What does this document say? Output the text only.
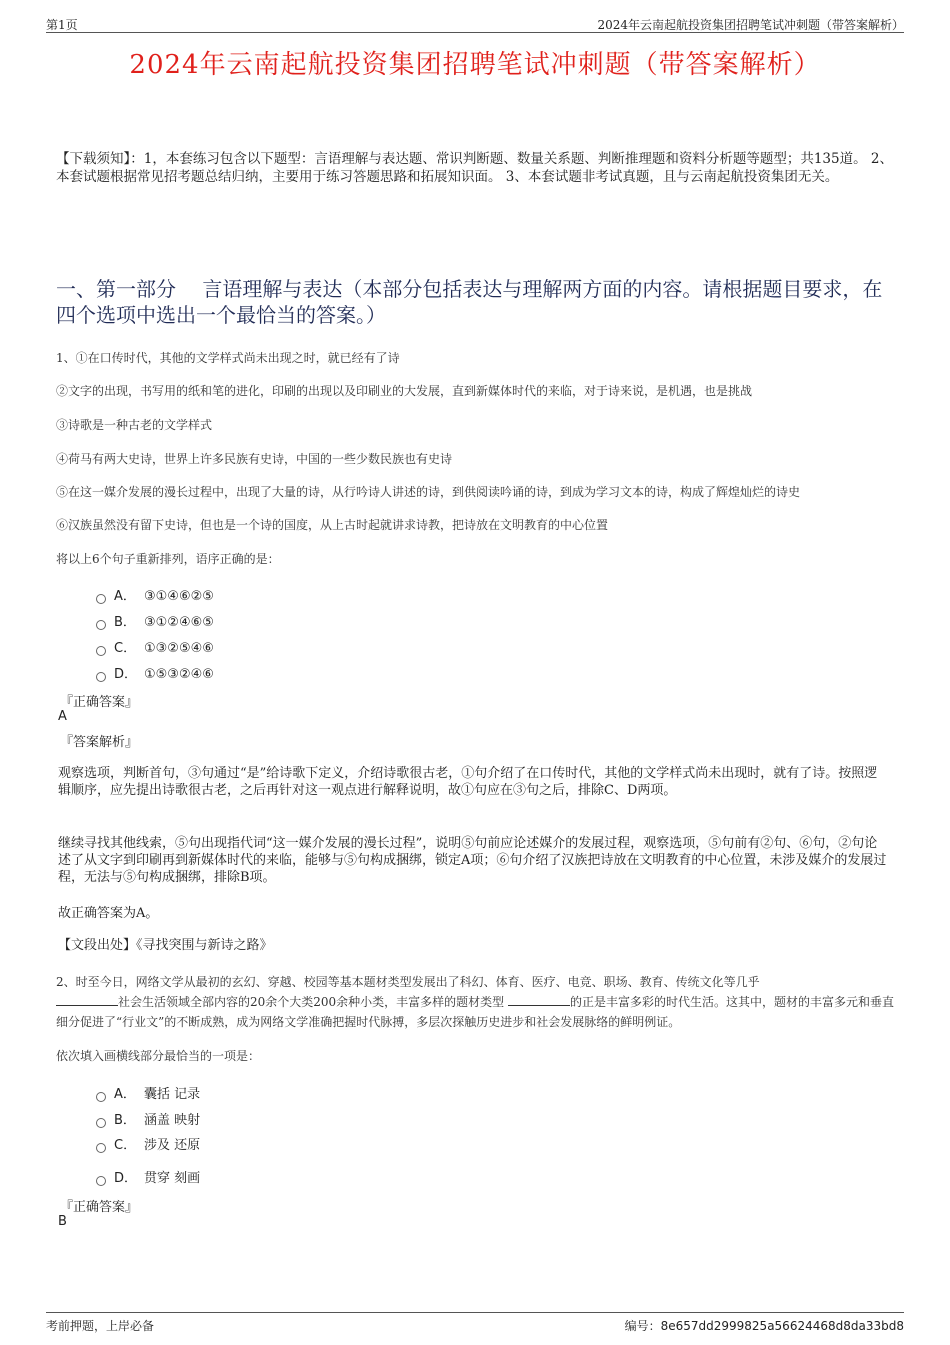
第1页	2024年云南起航投资集团招聘笔试冲刺题（带答案解析）
2024年云南起航投资集团招聘笔试冲刺题（带答案解析）
【下载须知】：1，本套练习包含以下题型：言语理解与表达题、常识判断题、数量关系题、判断推理题和资料分析题等题型；共135道。 2、本套试题根据常见招考题总结归纳，主要用于练习答题思路和拓展知识面。 3、本套试题非考试真题，且与云南起航投资集团无关。
一、第一部分　 言语理解与表达（本部分包括表达与理解两方面的内容。请根据题目要求，在四个选项中选出一个最恰当的答案。）
1、①在口传时代，其他的文学样式尚未出现之时，就已经有了诗
②文字的出现，书写用的纸和笔的进化，印刷的出现以及印刷业的大发展，直到新媒体时代的来临，对于诗来说，是机遇，也是挑战
③诗歌是一种古老的文学样式
④荷马有两大史诗，世界上许多民族有史诗，中国的一些少数民族也有史诗
⑤在这一媒介发展的漫长过程中，出现了大量的诗，从行吟诗人讲述的诗，到供阅读吟诵的诗，到成为学习文本的诗，构成了辉煌灿烂的诗史
⑥汉族虽然没有留下史诗，但也是一个诗的国度，从上古时起就讲求诗教，把诗放在文明教育的中心位置
将以上6个句子重新排列，语序正确的是：
A． ③①④⑥②⑤
B． ③①②④⑥⑤
C． ①③②⑤④⑥
D． ①⑤③②④⑥
『正确答案』
A
『答案解析』
观察选项，判断首句，③句通过“是”给诗歌下定义，介绍诗歌很古老，①句介绍了在口传时代，其他的文学样式尚未出现时，就有了诗。按照逻辑顺序，应先提出诗歌很古老，之后再针对这一观点进行解释说明，故①句应在③句之后，排除C、D两项。
继续寻找其他线索，⑤句出现指代词“这一媒介发展的漫长过程”，说明⑤句前应论述媒介的发展过程，观察选项，⑤句前有②句、⑥句，②句论述了从文字到印刷再到新媒体时代的来临，能够与⑤句构成捆绑，锁定A项；⑥句介绍了汉族把诗放在文明教育的中心位置，未涉及媒介的发展过程，无法与⑤句构成捆绑，排除B项。
故正确答案为A。
【文段出处】《寻找突围与新诗之路》
2、时至今日，网络文学从最初的玄幻、穿越、校园等基本题材类型发展出了科幻、体育、医疗、电竞、职场、教育、传统文化等几乎
社会生活领域全部内容的20余个大类200余种小类，丰富多样的题材类型	的正是丰富多彩的时代生活。这其中，题材的丰富多元和垂直细分促进了“行业文”的不断成熟，成为网络文学准确把握时代脉搏，多层次探触历史进步和社会发展脉络的鲜明例证。
依次填入画横线部分最恰当的一项是：
A． 囊括 记录
B． 涵盖 映射
C． 涉及 还原
D． 贯穿 刻画
『正确答案』
B
考前押题，上岸必备	编号：8e657dd2999825a56624468d8da33bd8
